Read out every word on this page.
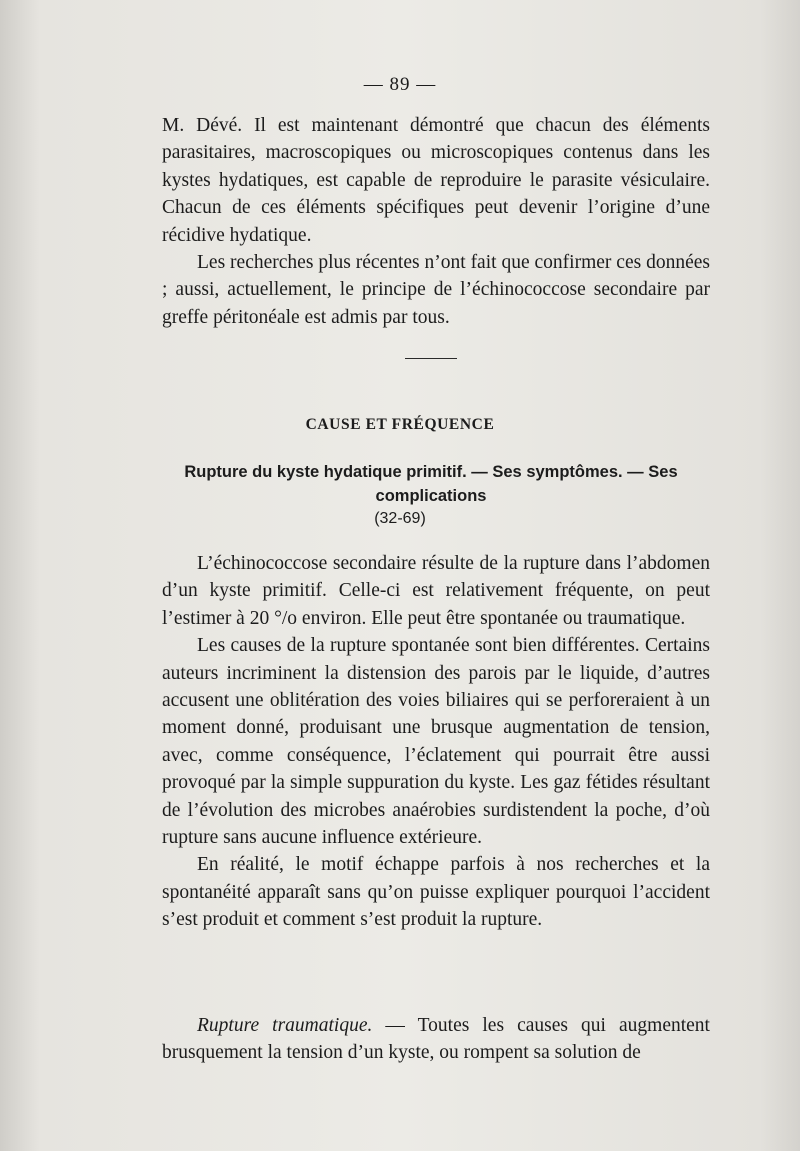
— 89 —

M. Dévé. Il est maintenant démontré que chacun des éléments parasitaires, macroscopiques ou microscopiques contenus dans les kystes hydatiques, est capable de reproduire le parasite vésiculaire. Chacun de ces éléments spécifiques peut devenir l’origine d’une récidive hydatique.

Les recherches plus récentes n’ont fait que confirmer ces données ; aussi, actuellement, le principe de l’échinococcose secondaire par greffe péritonéale est admis par tous.

CAUSE ET FRÉQUENCE
Rupture du kyste hydatique primitif. — Ses symptômes. — Ses complications
(32-69)

L’échinococcose secondaire résulte de la rupture dans l’abdomen d’un kyste primitif. Celle-ci est relativement fréquente, on peut l’estimer à 20 °/o environ. Elle peut être spontanée ou traumatique.

Les causes de la rupture spontanée sont bien différentes. Certains auteurs incriminent la distension des parois par le liquide, d’autres accusent une oblitération des voies biliaires qui se perforeraient à un moment donné, produisant une brusque augmentation de tension, avec, comme conséquence, l’éclatement qui pourrait être aussi provoqué par la simple suppuration du kyste. Les gaz fétides résultant de l’évolution des microbes anaérobies surdistendent la poche, d’où rupture sans aucune influence extérieure.

En réalité, le motif échappe parfois à nos recherches et la spontanéité apparaît sans qu’on puisse expliquer pourquoi l’accident s’est produit et comment s’est produit la rupture.

Rupture traumatique. — Toutes les causes qui augmentent brusquement la tension d’un kyste, ou rompent sa solution de
